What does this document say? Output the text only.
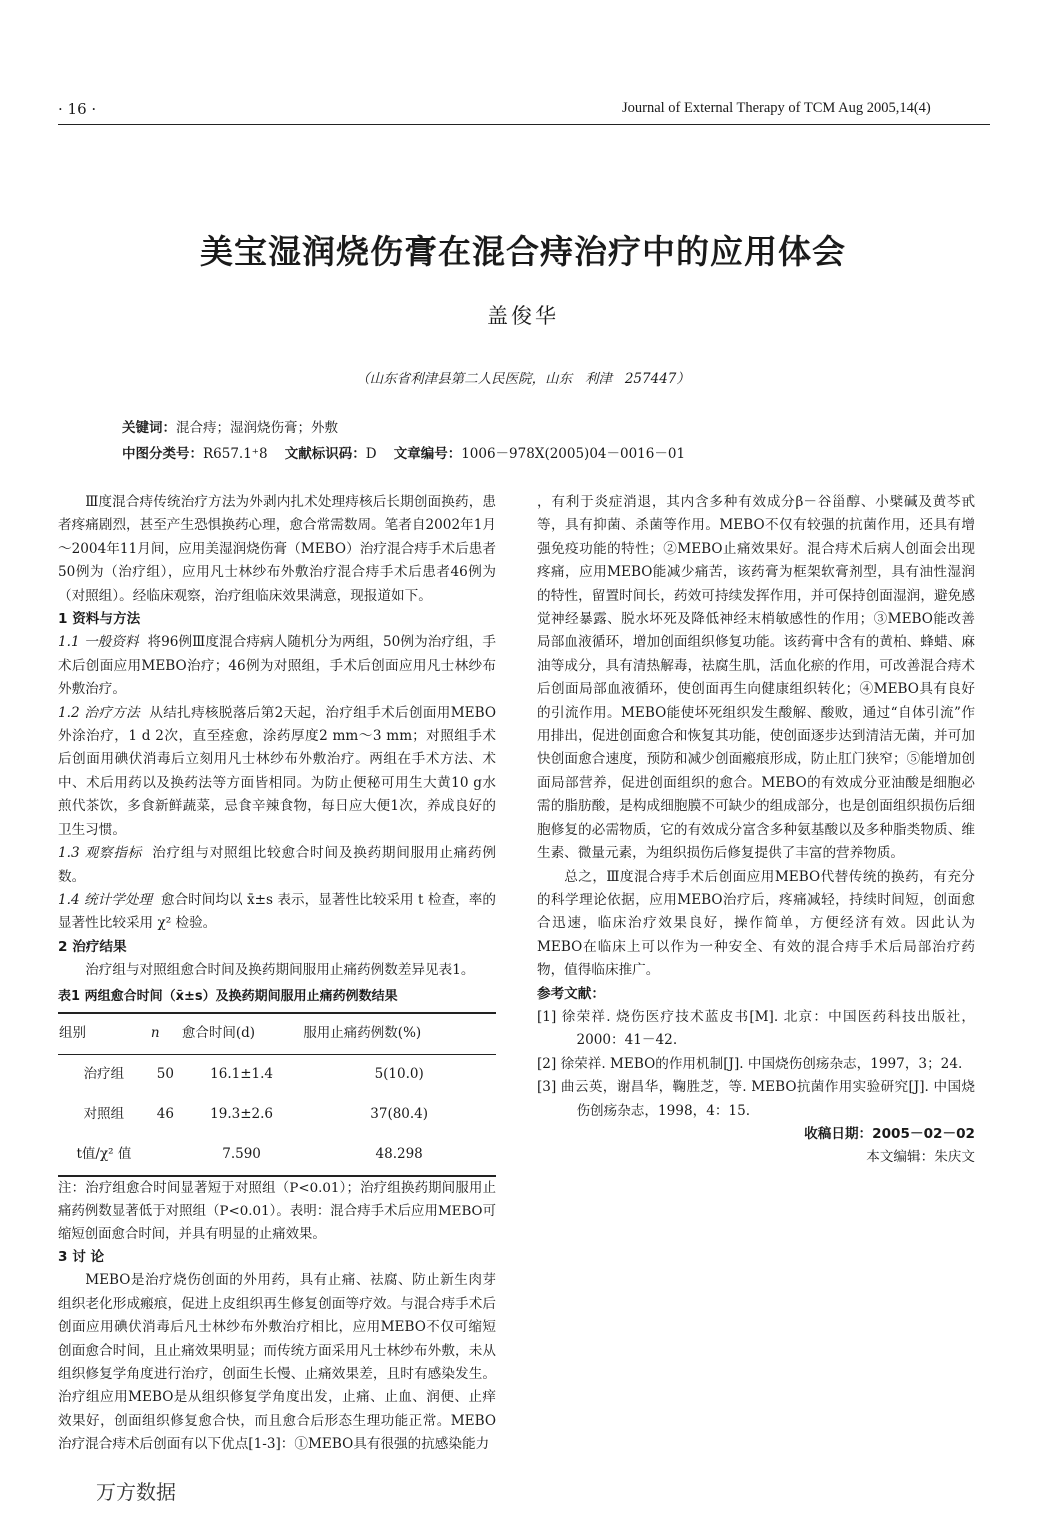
· 16 ·	Journal of External Therapy of TCM Aug 2005,14(4)
美宝湿润烧伤膏在混合痔治疗中的应用体会
盖俊华
（山东省利津县第二人民医院，山东   利津   257447）
关键词：混合痔；湿润烧伤膏；外敷
中图分类号：R657.1⁺8 文献标识码：D 文章编号：1006－978X(2005)04－0016－01

Ⅲ度混合痔传统治疗方法为外剥内扎术处理痔核后长期创面换药，患者疼痛剧烈，甚至产生恐惧换药心理，愈合常需数周。笔者自2002年1月～2004年11月间，应用美湿润烧伤膏（MEBO）治疗混合痔手术后患者50例为（治疗组），应用凡士林纱布外敷治疗混合痔手术后患者46例为（对照组）。经临床观察，治疗组临床效果满意，现报道如下。

1 资料与方法

1.1 一般资料 将96例Ⅲ度混合痔病人随机分为两组，50例为治疗组，手术后创面应用MEBO治疗；46例为对照组，手术后创面应用凡士林纱布外敷治疗。

1.2 治疗方法 从结扎痔核脱落后第2天起，治疗组手术后创面用MEBO外涂治疗，1 d 2次，直至痊愈，涂药厚度2 mm～3 mm；对照组手术后创面用碘伏消毒后立刻用凡士林纱布外敷治疗。两组在手术方法、术中、术后用药以及换药法等方面皆相同。为防止便秘可用生大黄10 g水煎代茶饮，多食新鲜蔬菜，忌食辛辣食物，每日应大便1次，养成良好的卫生习惯。

1.3 观察指标 治疗组与对照组比较愈合时间及换药期间服用止痛药例数。

1.4 统计学处理 愈合时间均以 x̄±s 表示，显著性比较采用 t 检查，率的显著性比较采用 χ² 检验。

2 治疗结果

治疗组与对照组愈合时间及换药期间服用止痛药例数差异见表1。

表1 两组愈合时间（x̄±s）及换药期间服用止痛药例数结果

组别	n	愈合时间(d)	服用止痛药例数(%)
治疗组	50	16.1±1.4	5(10.0)
对照组	46	19.3±2.6	37(80.4)
t值/χ² 值		7.590	48.298

注：治疗组愈合时间显著短于对照组（P<0.01）；治疗组换药期间服用止痛药例数显著低于对照组（P<0.01）。表明：混合痔手术后应用MEBO可缩短创面愈合时间，并具有明显的止痛效果。

3 讨 论

MEBO是治疗烧伤创面的外用药，具有止痛、祛腐、防止新生肉芽组织老化形成瘢痕，促进上皮组织再生修复创面等疗效。与混合痔手术后创面应用碘伏消毒后凡士林纱布外敷治疗相比，应用MEBO不仅可缩短创面愈合时间，且止痛效果明显；而传统方面采用凡士林纱布外敷，未从组织修复学角度进行治疗，创面生长慢、止痛效果差，且时有感染发生。治疗组应用MEBO是从组织修复学角度出发，止痛、止血、润便、止痒效果好，创面组织修复愈合快，而且愈合后形态生理功能正常。MEBO治疗混合痔术后创面有以下优点[1-3]：①MEBO具有很强的抗感染能力

，有利于炎症消退，其内含多种有效成分β－谷甾醇、小檗碱及黄芩甙等，具有抑菌、杀菌等作用。MEBO不仅有较强的抗菌作用，还具有增强免疫功能的特性；②MEBO止痛效果好。混合痔术后病人创面会出现疼痛，应用MEBO能减少痛苦，该药膏为框架软膏剂型，具有油性湿润的特性，留置时间长，药效可持续发挥作用，并可保持创面湿润，避免感觉神经暴露、脱水坏死及降低神经末梢敏感性的作用；③MEBO能改善局部血液循环，增加创面组织修复功能。该药膏中含有的黄柏、蜂蜡、麻油等成分，具有清热解毒，祛腐生肌，活血化瘀的作用，可改善混合痔术后创面局部血液循环，使创面再生向健康组织转化；④MEBO具有良好的引流作用。MEBO能使坏死组织发生酸解、酸败，通过“自体引流”作用排出，促进创面愈合和恢复其功能，使创面逐步达到清洁无菌，并可加快创面愈合速度，预防和减少创面瘢痕形成，防止肛门狭窄；⑤能增加创面局部营养，促进创面组织的愈合。MEBO的有效成分亚油酸是细胞必需的脂肪酸，是构成细胞膜不可缺少的组成部分，也是创面组织损伤后细胞修复的必需物质，它的有效成分富含多种氨基酸以及多种脂类物质、维生素、微量元素，为组织损伤后修复提供了丰富的营养物质。

总之，Ⅲ度混合痔手术后创面应用MEBO代替传统的换药，有充分的科学理论依据，应用MEBO治疗后，疼痛减轻，持续时间短，创面愈合迅速，临床治疗效果良好，操作简单，方便经济有效。因此认为MEBO在临床上可以作为一种安全、有效的混合痔手术后局部治疗药物，值得临床推广。

参考文献：

[1] 徐荣祥. 烧伤医疗技术蓝皮书[M]. 北京：中国医药科技出版社，2000：41－42.

[2] 徐荣祥. MEBO的作用机制[J]. 中国烧伤创疡杂志，1997，3；24.

[3] 曲云英，谢昌华，鞠胜芝，等. MEBO抗菌作用实验研究[J]. 中国烧伤创疡杂志，1998，4：15.

收稿日期：2005－02－02

本文编辑：朱庆文

万方数据
